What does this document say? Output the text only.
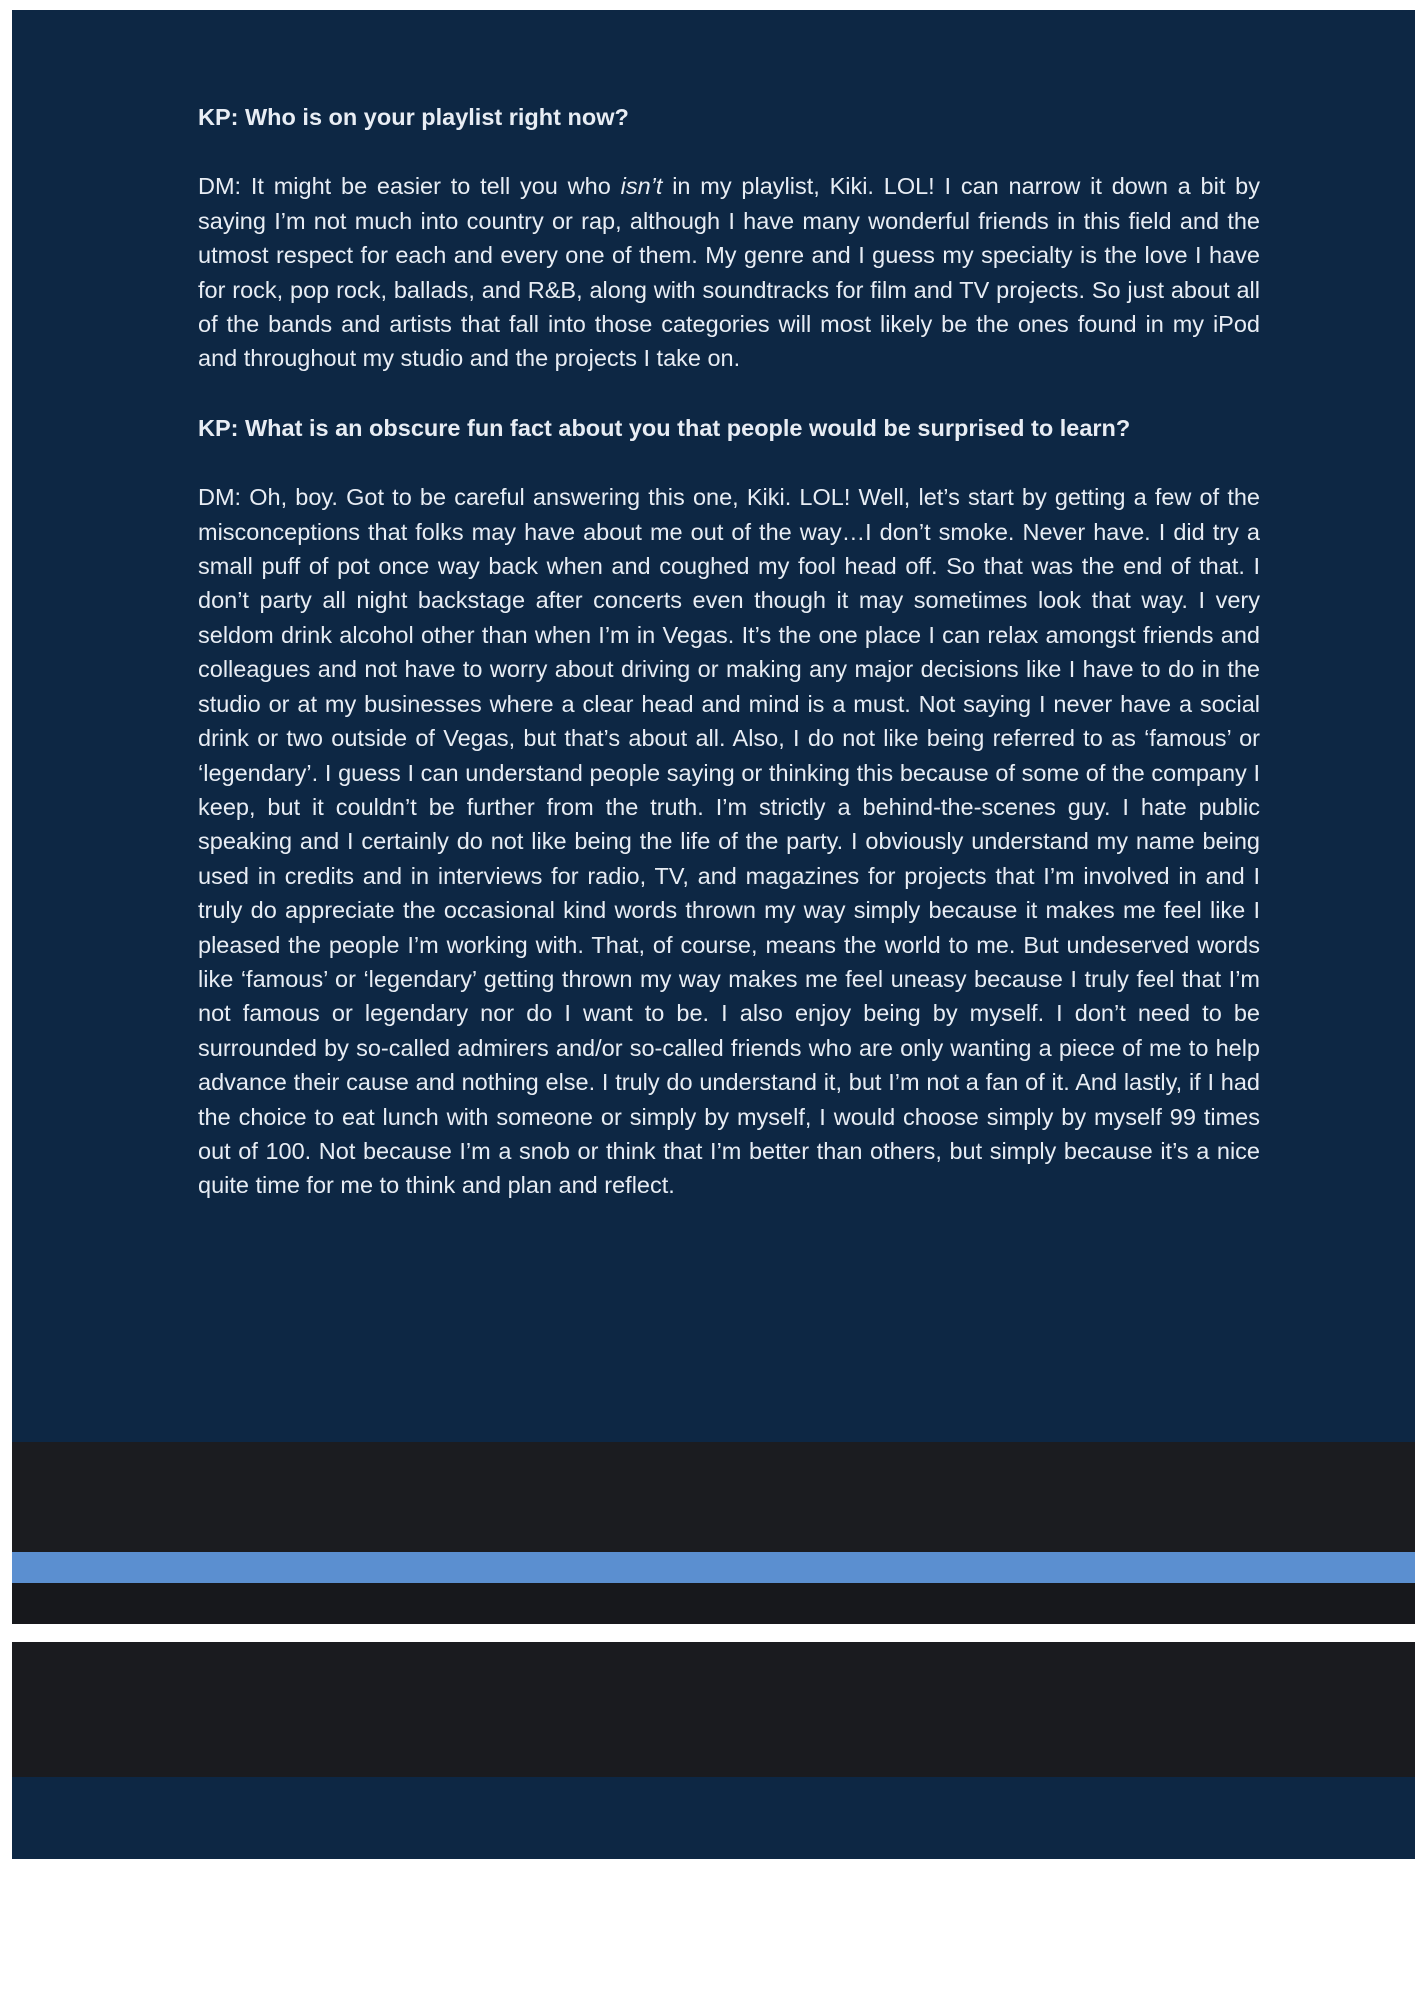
KP: Who is on your playlist right now?

DM: It might be easier to tell you who isn’t in my playlist, Kiki. LOL! I can narrow it down a bit by saying I’m not much into country or rap, although I have many wonderful friends in this field and the utmost respect for each and every one of them. My genre and I guess my specialty is the love I have for rock, pop rock, ballads, and R&B, along with soundtracks for film and TV projects. So just about all of the bands and artists that fall into those categories will most likely be the ones found in my iPod and throughout my studio and the projects I take on.

KP: What is an obscure fun fact about you that people would be surprised to learn?

DM: Oh, boy. Got to be careful answering this one, Kiki. LOL! Well, let’s start by getting a few of the misconceptions that folks may have about me out of the way…I don’t smoke. Never have. I did try a small puff of pot once way back when and coughed my fool head off. So that was the end of that. I don’t party all night backstage after concerts even though it may sometimes look that way. I very seldom drink alcohol other than when I’m in Vegas. It’s the one place I can relax amongst friends and colleagues and not have to worry about driving or making any major decisions like I have to do in the studio or at my businesses where a clear head and mind is a must. Not saying I never have a social drink or two outside of Vegas, but that’s about all. Also, I do not like being referred to as ‘famous’ or ‘legendary’. I guess I can understand people saying or thinking this because of some of the company I keep, but it couldn’t be further from the truth. I’m strictly a behind-the-scenes guy. I hate public speaking and I certainly do not like being the life of the party. I obviously understand my name being used in credits and in interviews for radio, TV, and magazines for projects that I’m involved in and I truly do appreciate the occasional kind words thrown my way simply because it makes me feel like I pleased the people I’m working with. That, of course, means the world to me. But undeserved words like ‘famous’ or ‘legendary’ getting thrown my way makes me feel uneasy because I truly feel that I’m not famous or legendary nor do I want to be. I also enjoy being by myself. I don’t need to be surrounded by so-called admirers and/or so-called friends who are only wanting a piece of me to help advance their cause and nothing else. I truly do understand it, but I’m not a fan of it. And lastly, if I had the choice to eat lunch with someone or simply by myself, I would choose simply by myself 99 times out of 100. Not because I’m a snob or think that I’m better than others, but simply because it’s a nice quite time for me to think and plan and reflect.
